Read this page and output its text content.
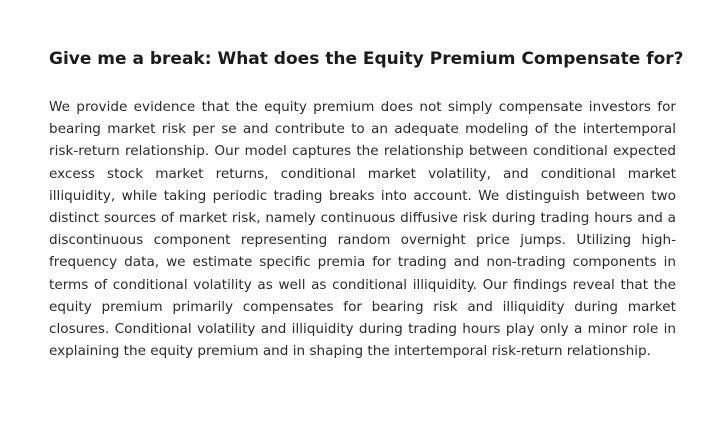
Give me a break: What does the Equity Premium Compensate for?

We provide evidence that the equity premium does not simply compensate investors for bearing market risk per se and contribute to an adequate modeling of the intertemporal risk-return relationship. Our model captures the relationship between conditional expected excess stock market returns, conditional market volatility, and conditional market illiquidity, while taking periodic trading breaks into account. We distinguish between two distinct sources of market risk, namely continuous diffusive risk during trading hours and a discontinuous component representing random overnight price jumps. Utilizing high-frequency data, we estimate specific premia for trading and non-trading components in terms of conditional volatility as well as conditional illiquidity. Our findings reveal that the equity premium primarily compensates for bearing risk and illiquidity during market closures. Conditional volatility and illiquidity during trading hours play only a minor role in explaining the equity premium and in shaping the intertemporal risk-return relationship.
